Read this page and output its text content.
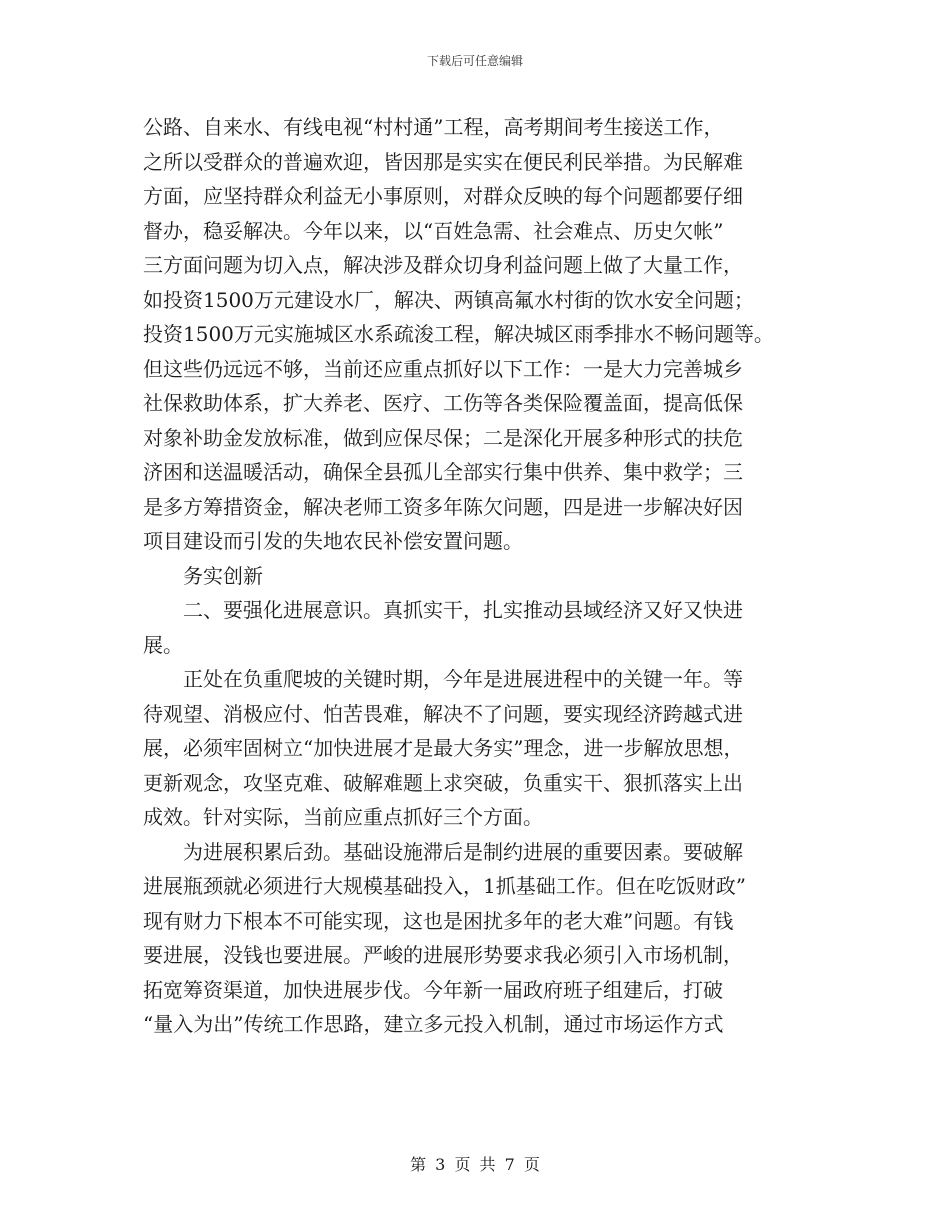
下载后可任意编辑
公路、自来水、有线电视“村村通”工程，高考期间考生接送工作，
之所以受群众的普遍欢迎，皆因那是实实在便民利民举措。为民解难
方面，应坚持群众利益无小事原则，对群众反映的每个问题都要仔细
督办，稳妥解决。今年以来，以“百姓急需、社会难点、历史欠帐”
三方面问题为切入点，解决涉及群众切身利益问题上做了大量工作，
如投资1500万元建设水厂，解决、两镇高氟水村街的饮水安全问题；
投资1500万元实施城区水系疏浚工程，解决城区雨季排水不畅问题等。
但这些仍远远不够，当前还应重点抓好以下工作：一是大力完善城乡
社保救助体系，扩大养老、医疗、工伤等各类保险覆盖面，提高低保
对象补助金发放标准，做到应保尽保；二是深化开展多种形式的扶危
济困和送温暖活动，确保全县孤儿全部实行集中供养、集中救学；三
是多方筹措资金，解决老师工资多年陈欠问题，四是进一步解决好因
项目建设而引发的失地农民补偿安置问题。
　　务实创新
　　二、要强化进展意识。真抓实干，扎实推动县域经济又好又快进
展。
　　正处在负重爬坡的关键时期，今年是进展进程中的关键一年。等
待观望、消极应付、怕苦畏难，解决不了问题，要实现经济跨越式进
展，必须牢固树立“加快进展才是最大务实”理念，进一步解放思想，
更新观念，攻坚克难、破解难题上求突破，负重实干、狠抓落实上出
成效。针对实际，当前应重点抓好三个方面。
　　为进展积累后劲。基础设施滞后是制约进展的重要因素。要破解
进展瓶颈就必须进行大规模基础投入，1抓基础工作。但在吃饭财政”
现有财力下根本不可能实现，这也是困扰多年的老大难”问题。有钱
要进展，没钱也要进展。严峻的进展形势要求我必须引入市场机制，
拓宽筹资渠道，加快进展步伐。今年新一届政府班子组建后，打破
“量入为出”传统工作思路，建立多元投入机制，通过市场运作方式
第 3 页 共 7 页
